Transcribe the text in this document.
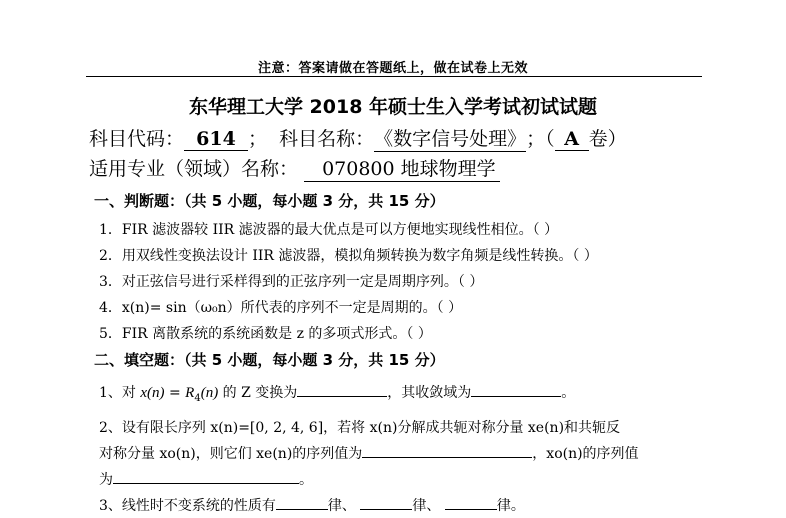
注意：答案请做在答题纸上，做在试卷上无效
东华理工大学 2018 年硕士生入学考试初试试题
科目代码： 614 ； 科目名称：《数字信号处理》；（ A 卷）
适用专业（领域）名称： 070800 地球物理学
一、判断题：（共 5 小题，每小题 3 分，共 15 分）
1．FIR 滤波器较 IIR 滤波器的最大优点是可以方便地实现线性相位。（ ）
2．用双线性变换法设计 IIR 滤波器，模拟角频转换为数字角频是线性转换。（ ）
3．对正弦信号进行采样得到的正弦序列一定是周期序列。（ ）
4．x(n)= sin（ω₀n）所代表的序列不一定是周期的。（ ）
5．FIR 离散系统的系统函数是 z 的多项式形式。（ ）
二、填空题：（共 5 小题，每小题 3 分，共 15 分）
1、对 $x(n) = R_4(n)$ 的 Z 变换为	，其收敛域为	。
2、设有限长序列 x(n)=[0, 2, 4, 6]，若将 x(n)分解成共轭对称分量 xe(n)和共轭反
对称分量 xo(n)，则它们 xe(n)的序列值为	，xo(n)的序列值
为	。
3、线性时不变系统的性质有	律、	律、	律。
